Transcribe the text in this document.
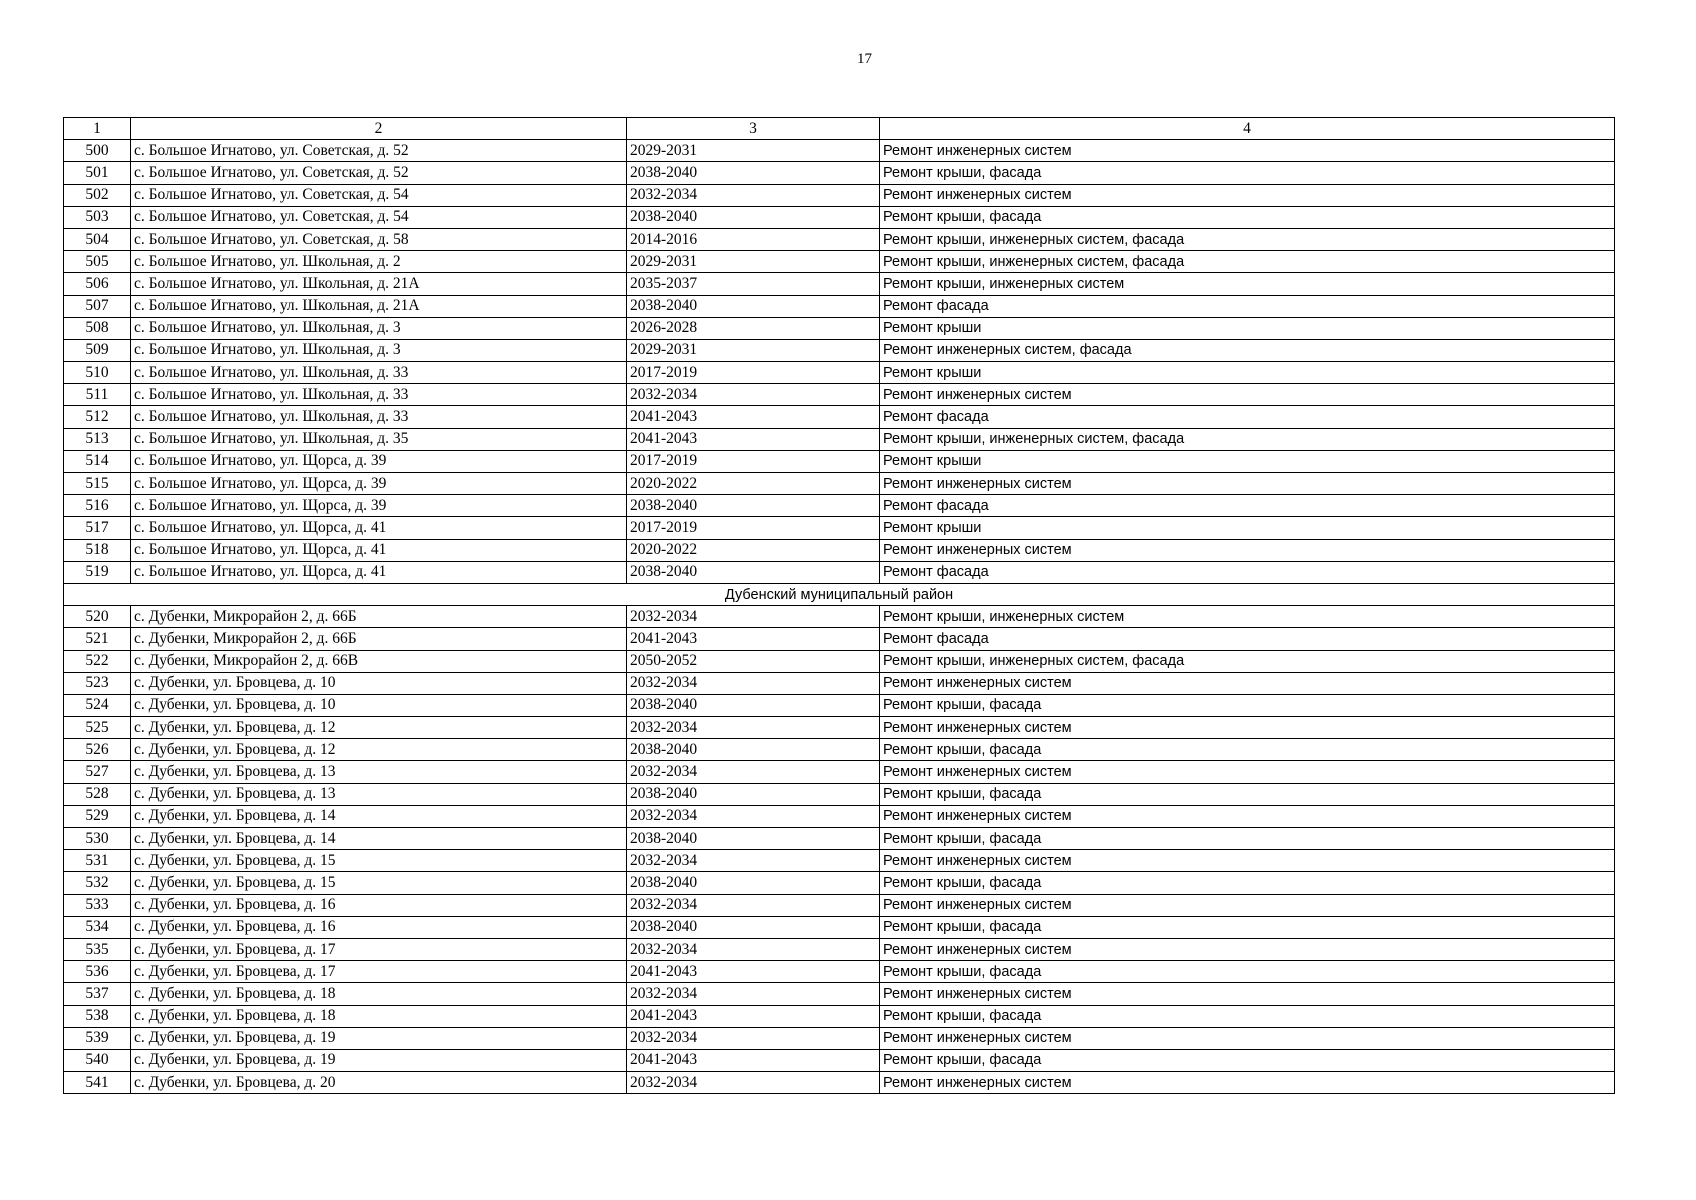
17
1	2	3	4
500	с. Большое Игнатово, ул. Советская, д. 52	2029-2031	Ремонт инженерных систем
501	с. Большое Игнатово, ул. Советская, д. 52	2038-2040	Ремонт крыши, фасада
502	с. Большое Игнатово, ул. Советская, д. 54	2032-2034	Ремонт инженерных систем
503	с. Большое Игнатово, ул. Советская, д. 54	2038-2040	Ремонт крыши, фасада
504	с. Большое Игнатово, ул. Советская, д. 58	2014-2016	Ремонт крыши, инженерных систем, фасада
505	с. Большое Игнатово, ул. Школьная, д. 2	2029-2031	Ремонт крыши, инженерных систем, фасада
506	с. Большое Игнатово, ул. Школьная, д. 21А	2035-2037	Ремонт крыши, инженерных систем
507	с. Большое Игнатово, ул. Школьная, д. 21А	2038-2040	Ремонт фасада
508	с. Большое Игнатово, ул. Школьная, д. 3	2026-2028	Ремонт крыши
509	с. Большое Игнатово, ул. Школьная, д. 3	2029-2031	Ремонт инженерных систем, фасада
510	с. Большое Игнатово, ул. Школьная, д. 33	2017-2019	Ремонт крыши
511	с. Большое Игнатово, ул. Школьная, д. 33	2032-2034	Ремонт инженерных систем
512	с. Большое Игнатово, ул. Школьная, д. 33	2041-2043	Ремонт фасада
513	с. Большое Игнатово, ул. Школьная, д. 35	2041-2043	Ремонт крыши, инженерных систем, фасада
514	с. Большое Игнатово, ул. Щорса, д. 39	2017-2019	Ремонт крыши
515	с. Большое Игнатово, ул. Щорса, д. 39	2020-2022	Ремонт инженерных систем
516	с. Большое Игнатово, ул. Щорса, д. 39	2038-2040	Ремонт фасада
517	с. Большое Игнатово, ул. Щорса, д. 41	2017-2019	Ремонт крыши
518	с. Большое Игнатово, ул. Щорса, д. 41	2020-2022	Ремонт инженерных систем
519	с. Большое Игнатово, ул. Щорса, д. 41	2038-2040	Ремонт фасада
Дубенский муниципальный район			
520	с. Дубенки, Микрорайон 2, д. 66Б	2032-2034	Ремонт крыши, инженерных систем
521	с. Дубенки, Микрорайон 2, д. 66Б	2041-2043	Ремонт фасада
522	с. Дубенки, Микрорайон 2, д. 66В	2050-2052	Ремонт крыши, инженерных систем, фасада
523	с. Дубенки, ул. Бровцева, д. 10	2032-2034	Ремонт инженерных систем
524	с. Дубенки, ул. Бровцева, д. 10	2038-2040	Ремонт крыши, фасада
525	с. Дубенки, ул. Бровцева, д. 12	2032-2034	Ремонт инженерных систем
526	с. Дубенки, ул. Бровцева, д. 12	2038-2040	Ремонт крыши, фасада
527	с. Дубенки, ул. Бровцева, д. 13	2032-2034	Ремонт инженерных систем
528	с. Дубенки, ул. Бровцева, д. 13	2038-2040	Ремонт крыши, фасада
529	с. Дубенки, ул. Бровцева, д. 14	2032-2034	Ремонт инженерных систем
530	с. Дубенки, ул. Бровцева, д. 14	2038-2040	Ремонт крыши, фасада
531	с. Дубенки, ул. Бровцева, д. 15	2032-2034	Ремонт инженерных систем
532	с. Дубенки, ул. Бровцева, д. 15	2038-2040	Ремонт крыши, фасада
533	с. Дубенки, ул. Бровцева, д. 16	2032-2034	Ремонт инженерных систем
534	с. Дубенки, ул. Бровцева, д. 16	2038-2040	Ремонт крыши, фасада
535	с. Дубенки, ул. Бровцева, д. 17	2032-2034	Ремонт инженерных систем
536	с. Дубенки, ул. Бровцева, д. 17	2041-2043	Ремонт крыши, фасада
537	с. Дубенки, ул. Бровцева, д. 18	2032-2034	Ремонт инженерных систем
538	с. Дубенки, ул. Бровцева, д. 18	2041-2043	Ремонт крыши, фасада
539	с. Дубенки, ул. Бровцева, д. 19	2032-2034	Ремонт инженерных систем
540	с. Дубенки, ул. Бровцева, д. 19	2041-2043	Ремонт крыши, фасада
541	с. Дубенки, ул. Бровцева, д. 20	2032-2034	Ремонт инженерных систем
